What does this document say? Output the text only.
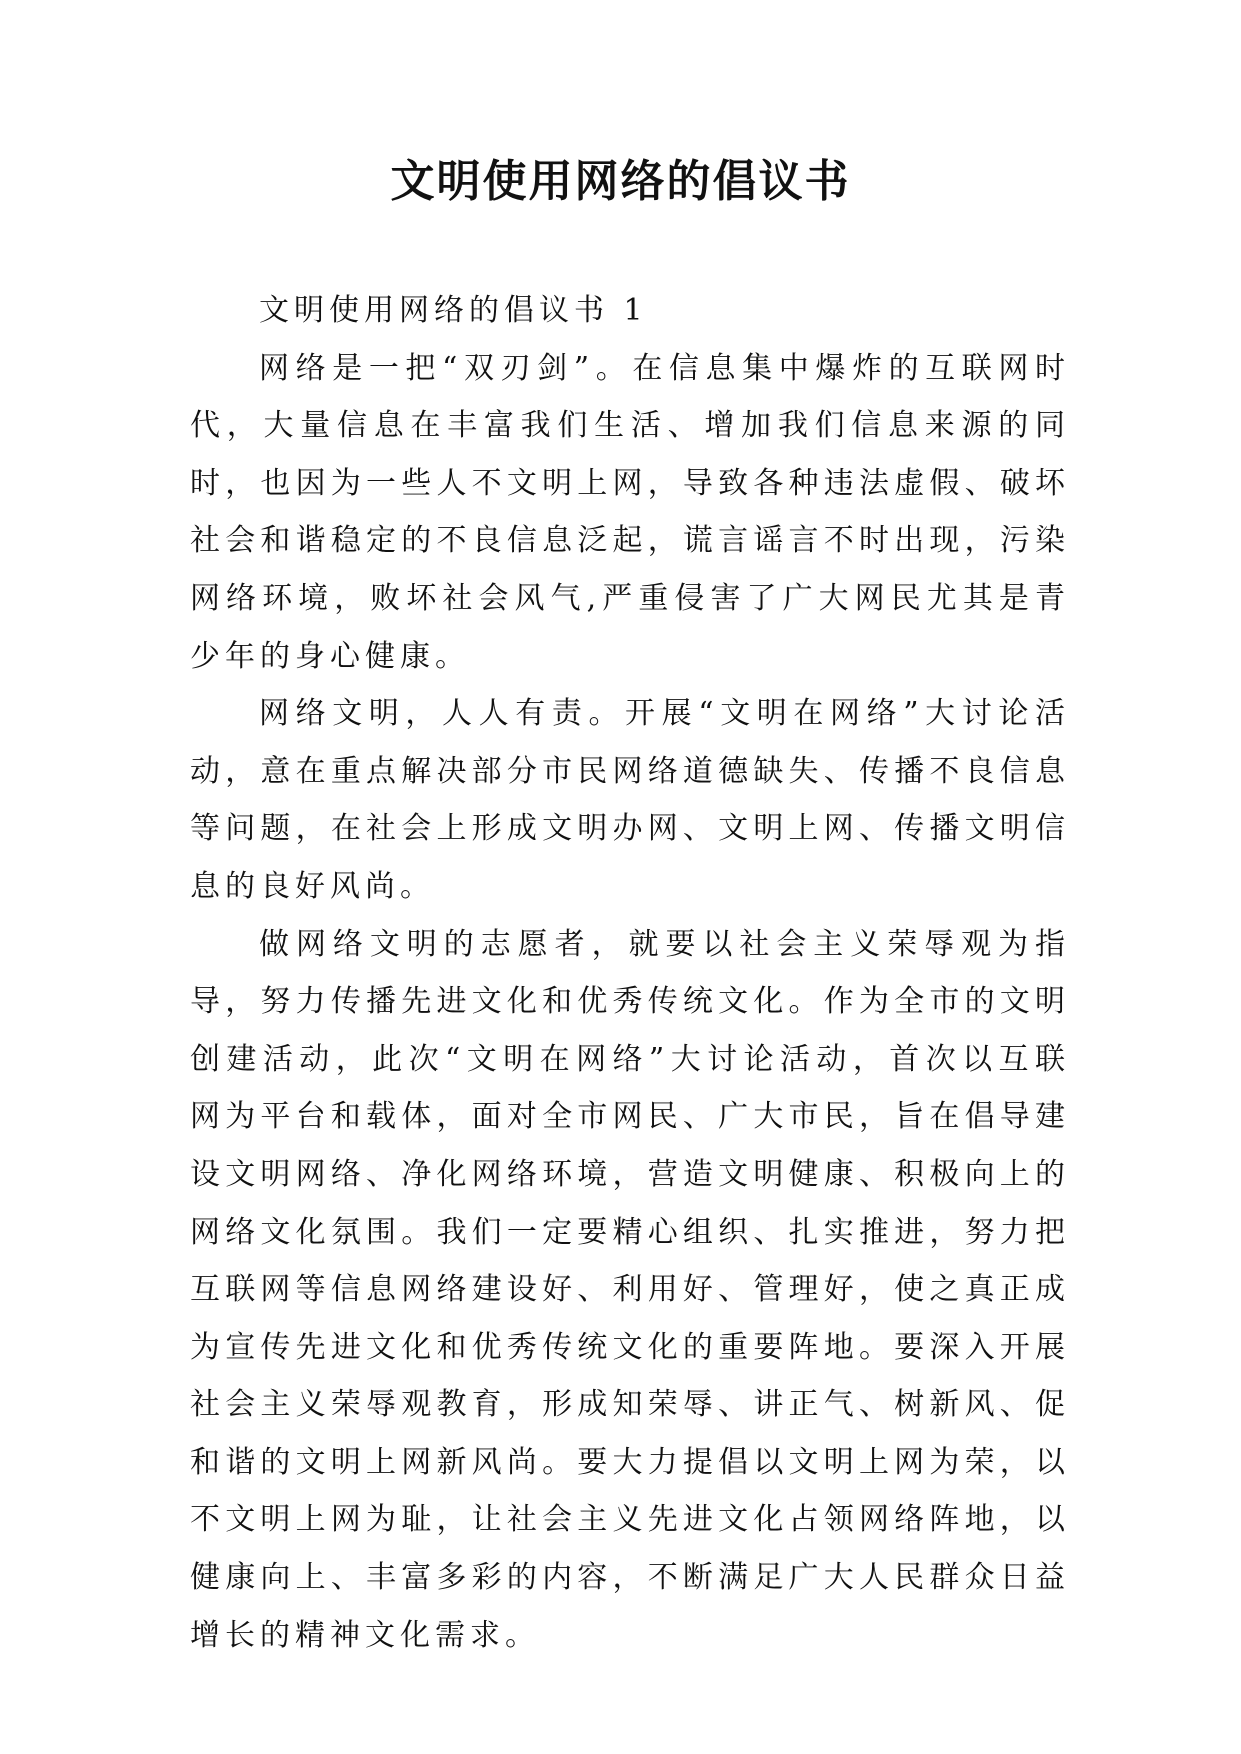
文明使用网络的倡议书

文明使用网络的倡议书 1

网络是一把“双刃剑”。在信息集中爆炸的互联网时代，大量信息在丰富我们生活、增加我们信息来源的同时，也因为一些人不文明上网，导致各种违法虚假、破坏社会和谐稳定的不良信息泛起，谎言谣言不时出现，污染网络环境，败坏社会风气,严重侵害了广大网民尤其是青少年的身心健康。

网络文明，人人有责。开展“文明在网络”大讨论活动，意在重点解决部分市民网络道德缺失、传播不良信息等问题，在社会上形成文明办网、文明上网、传播文明信息的良好风尚。

做网络文明的志愿者，就要以社会主义荣辱观为指导，努力传播先进文化和优秀传统文化。作为全市的文明创建活动，此次“文明在网络”大讨论活动，首次以互联网为平台和载体，面对全市网民、广大市民，旨在倡导建设文明网络、净化网络环境，营造文明健康、积极向上的网络文化氛围。我们一定要精心组织、扎实推进，努力把互联网等信息网络建设好、利用好、管理好，使之真正成为宣传先进文化和优秀传统文化的重要阵地。要深入开展社会主义荣辱观教育，形成知荣辱、讲正气、树新风、促和谐的文明上网新风尚。要大力提倡以文明上网为荣，以不文明上网为耻，让社会主义先进文化占领网络阵地，以健康向上、丰富多彩的内容，不断满足广大人民群众日益增长的精神文化需求。
